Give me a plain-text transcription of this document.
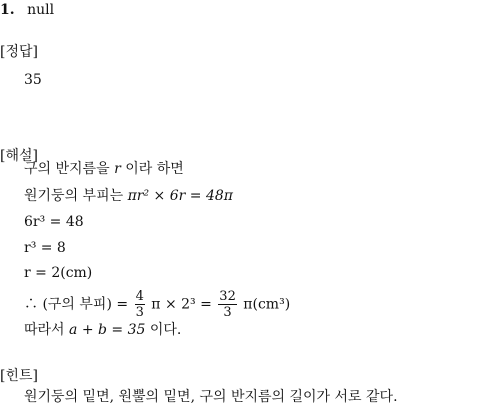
1. null
[정답]
35
[해설]
구의 반지름을 r 이라 하면
원기둥의 부피는 πr² × 6r = 48π
6r³ = 48
r³ = 8
r = 2(cm)
∴ (구의 부피) = $\frac{4}{3}$ $\pi \times 2^3 = \frac{32}{3} \pi(cm^3)$
따라서 a + b = 35 이다.
[힌트]
원기둥의 밑면, 원뿔의 밑면, 구의 반지름의 길이가 서로 같다.
